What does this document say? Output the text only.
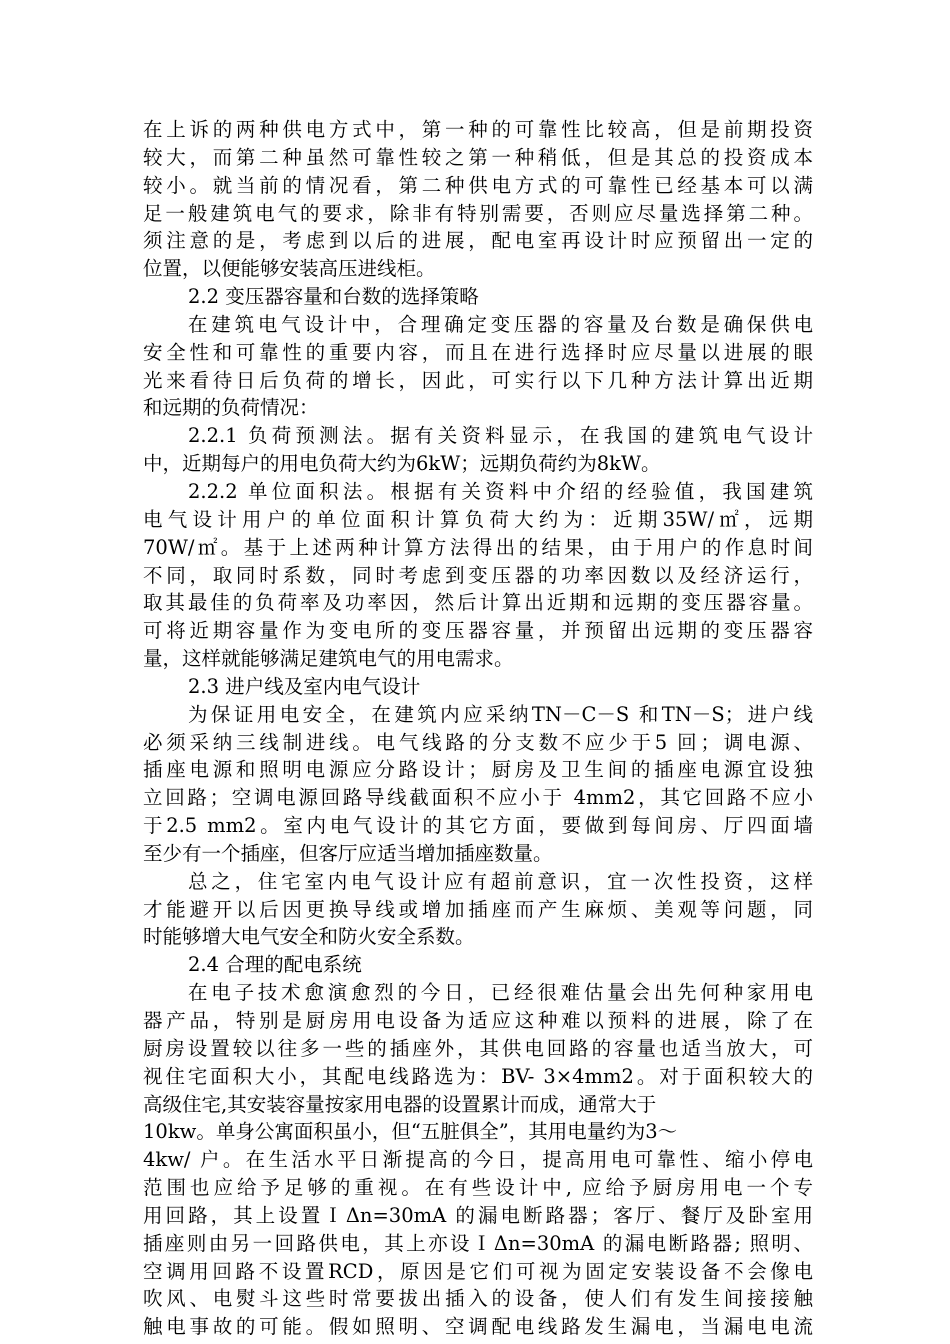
在上诉的两种供电方式中，第一种的可靠性比较高，但是前期投资
较大，而第二种虽然可靠性较之第一种稍低，但是其总的投资成本
较小。就当前的情况看，第二种供电方式的可靠性已经基本可以满
足一般建筑电气的要求，除非有特别需要，否则应尽量选择第二种。
须注意的是，考虑到以后的进展，配电室再设计时应预留出一定的
位置，以便能够安装高压进线柜。
2.2 变压器容量和台数的选择策略
在建筑电气设计中，合理确定变压器的容量及台数是确保供电
安全性和可靠性的重要内容，而且在进行选择时应尽量以进展的眼
光来看待日后负荷的增长，因此，可实行以下几种方法计算出近期
和远期的负荷情况：
2.2.1 负荷预测法。据有关资料显示，在我国的建筑电气设计
中，近期每户的用电负荷大约为6kW；远期负荷约为8kW。
2.2.2 单位面积法。根据有关资料中介绍的经验值，我国建筑
电气设计用户的单位面积计算负荷大约为：近期35W/㎡，远期
70W/㎡。基于上述两种计算方法得出的结果，由于用户的作息时间
不同，取同时系数，同时考虑到变压器的功率因数以及经济运行，
取其最佳的负荷率及功率因，然后计算出近期和远期的变压器容量。
可将近期容量作为变电所的变压器容量，并预留出远期的变压器容
量，这样就能够满足建筑电气的用电需求。
2.3 进户线及室内电气设计
为保证用电安全，在建筑内应采纳TN－C－S 和TN－S；进户线
必须采纳三线制进线。电气线路的分支数不应少于5 回；调电源、
插座电源和照明电源应分路设计；厨房及卫生间的插座电源宜设独
立回路；空调电源回路导线截面积不应小于 4mm2，其它回路不应小
于2.5 mm2。室内电气设计的其它方面，要做到每间房、厅四面墙
至少有一个插座，但客厅应适当增加插座数量。
总之，住宅室内电气设计应有超前意识，宜一次性投资，这样
才能避开以后因更换导线或增加插座而产生麻烦、美观等问题，同
时能够增大电气安全和防火安全系数。
2.4 合理的配电系统
在电子技术愈演愈烈的今日，已经很难估量会出先何种家用电
器产品，特别是厨房用电设备为适应这种难以预料的进展，除了在
厨房设置较以往多一些的插座外，其供电回路的容量也适当放大，可
视住宅面积大小，其配电线路选为：BV- 3×4mm2。对于面积较大的
高级住宅,其安装容量按家用电器的设置累计而成，通常大于
10kw。单身公寓面积虽小，但“五脏俱全”，其用电量约为3～
4kw/ 户。在生活水平日渐提高的今日，提高用电可靠性、缩小停电
范围也应给予足够的重视。在有些设计中, 应给予厨房用电一个专
用回路，其上设置ＩΔn=30mA 的漏电断路器；客厅、餐厅及卧室用
插座则由另一回路供电，其上亦设ＩΔn=30mA 的漏电断路器; 照明、
空调用回路不设置RCD，原因是它们可视为固定安装设备不会像电
吹风、电熨斗这些时常要拔出插入的设备，使人们有发生间接接触
触电事故的可能。假如照明、空调配电线路发生漏电，当漏电电流
